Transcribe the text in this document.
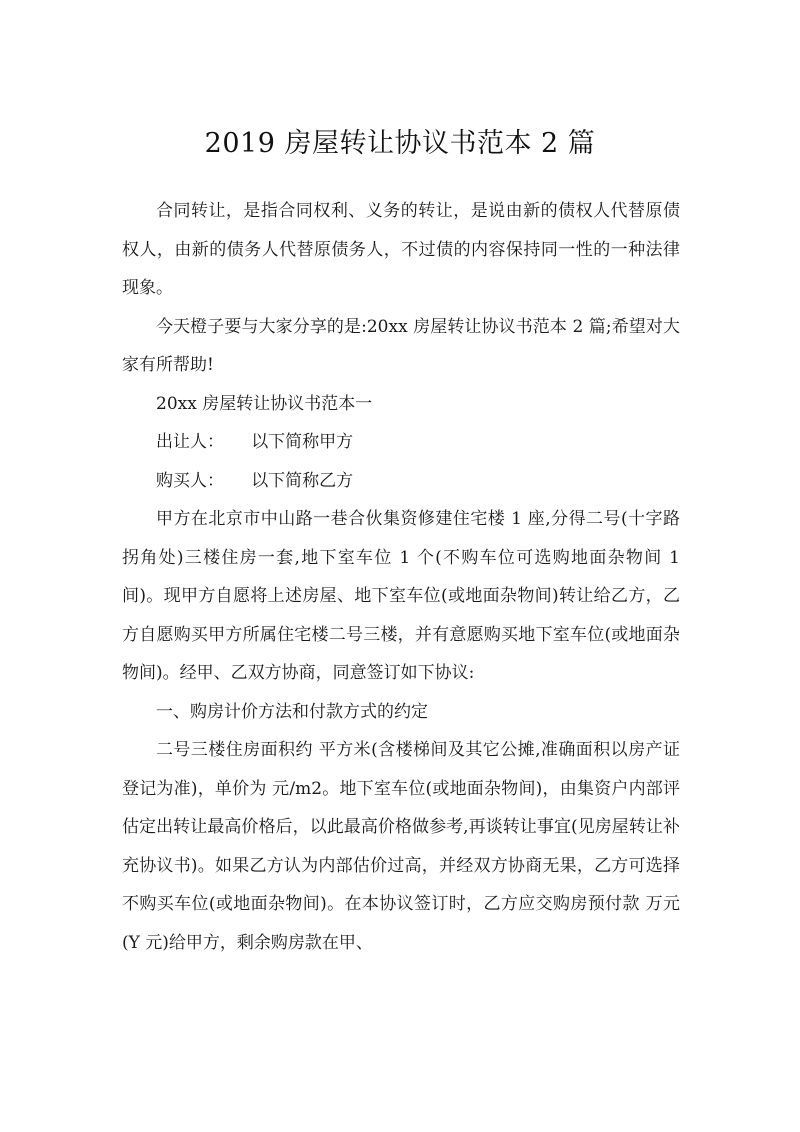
2019 房屋转让协议书范本 2 篇

合同转让，是指合同权利、义务的转让，是说由新的债权人代替原债权人，由新的债务人代替原债务人，不过债的内容保持同一性的一种法律现象。

今天橙子要与大家分享的是:20xx 房屋转让协议书范本 2 篇;希望对大家有所帮助!

20xx 房屋转让协议书范本一

出让人： 以下简称甲方

购买人： 以下简称乙方

甲方在北京市中山路一巷合伙集资修建住宅楼 1 座,分得二号(十字路拐角处)三楼住房一套,地下室车位 1 个(不购车位可选购地面杂物间 1 间)。现甲方自愿将上述房屋、地下室车位(或地面杂物间)转让给乙方，乙方自愿购买甲方所属住宅楼二号三楼，并有意愿购买地下室车位(或地面杂物间)。经甲、乙双方协商，同意签订如下协议:

一、购房计价方法和付款方式的约定

二号三楼住房面积约 平方米(含楼梯间及其它公摊,准确面积以房产证登记为准)，单价为 元/m2。地下室车位(或地面杂物间)，由集资户内部评估定出转让最高价格后，以此最高价格做参考,再谈转让事宜(见房屋转让补充协议书)。如果乙方认为内部估价过高，并经双方协商无果，乙方可选择不购买车位(或地面杂物间)。在本协议签订时，乙方应交购房预付款 万元(Y 元)给甲方，剩余购房款在甲、
